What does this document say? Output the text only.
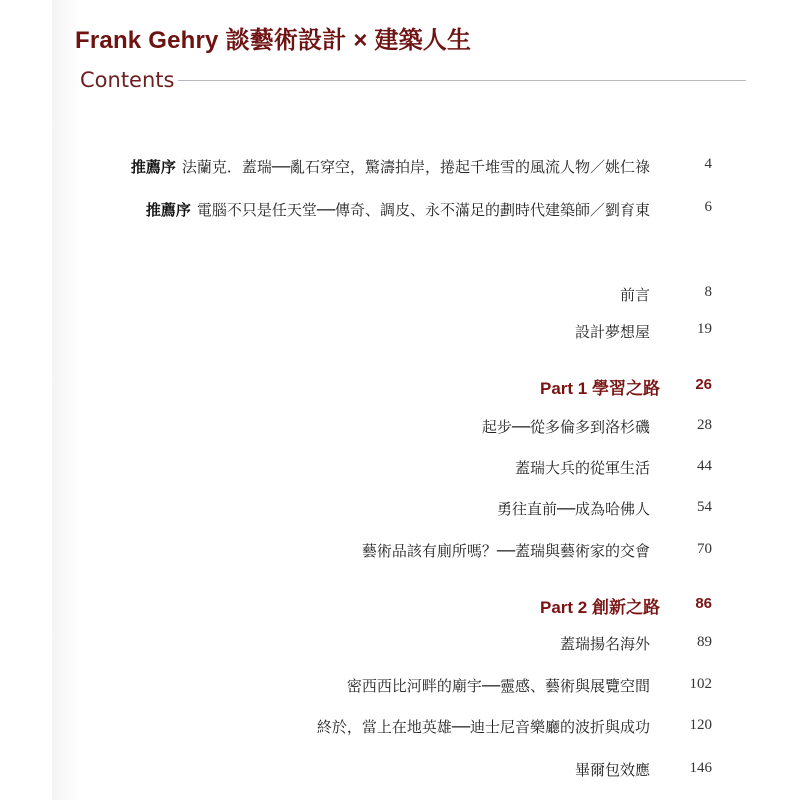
Frank Gehry 談藝術設計 × 建築人生
Contents
推薦序 法蘭克．蓋瑞──亂石穿空，驚濤拍岸，捲起千堆雪的風流人物／姚仁祿	4
推薦序 電腦不只是任天堂──傳奇、調皮、永不滿足的劃時代建築師／劉育東	6
前言	8
設計夢想屋	19
Part 1 學習之路 26
起步──從多倫多到洛杉磯	28
蓋瑞大兵的從軍生活	44
勇往直前──成為哈佛人	54
藝術品該有廁所嗎？──蓋瑞與藝術家的交會	70
Part 2 創新之路 86
蓋瑞揚名海外	89
密西西比河畔的廟宇──靈感、藝術與展覽空間	102
終於，當上在地英雄──迪士尼音樂廳的波折與成功	120
畢爾包效應	146
